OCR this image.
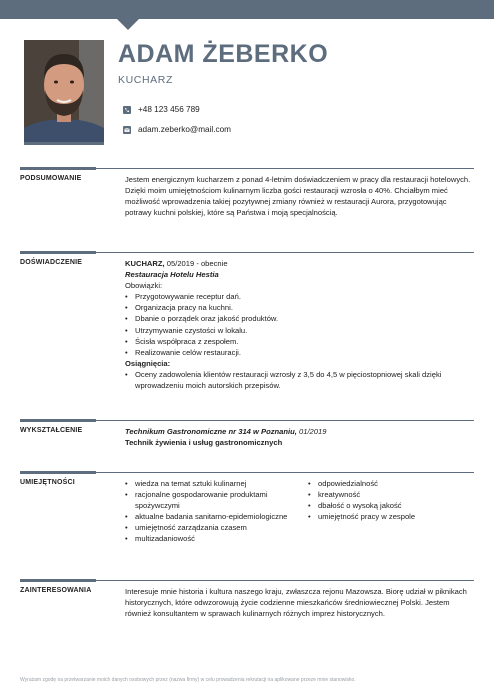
ADAM ŻEBERKO
KUCHARZ
+48 123 456 789
adam.zeberko@mail.com
PODSUMOWANIE	Jestem energicznym kucharzem z ponad 4-letnim doświadczeniem w pracy dla restauracji hotelowych. Dzięki moim umiejętnościom kulinarnym liczba gości restauracji wzrosła o 40%. Chciałbym mieć możliwość wprowadzenia takiej pozytywnej zmiany również w restauracji Aurora, przygotowując potrawy kuchni polskiej, które są Państwa i moją specjalnością.

DOŚWIADCZENIE	KUCHARZ, 05/2019 - obecnie

Restauracja Hotelu Hestia

Obowiązki:

• Przygotowywanie receptur dań.
• Organizacja pracy na kuchni.
• Dbanie o porządek oraz jakość produktów.
• Utrzymywanie czystości w lokalu.
• Ścisła współpraca z zespołem.
• Realizowanie celów restauracji.

Osiągnięcia:

• Oceny zadowolenia klientów restauracji wzrosły z 3,5 do 4,5 w pięciostopniowej skali dzięki wprowadzeniu moich autorskich przepisów.
WYKSZTAŁCENIE	Technikum Gastronomiczne nr 314 w Poznaniu, 01/2019

Technik żywienia i usług gastronomicznych

UMIEJĘTNOŚCI
•	wiedza na temat sztuki kulinarnej
• racjonalne gospodarowanie produktami spożywczymi
• aktualne badania sanitarno-epidemiologiczne
• umiejętność zarządzania czasem
• multizadaniowość
• odpowiedzialność
• kreatywność
• dbałość o wysoką jakość
• umiejętność pracy w zespole
ZAINTERESOWANIA	Interesuje mnie historia i kultura naszego kraju, zwłaszcza rejonu Mazowsza. Biorę udział w piknikach historycznych, które odwzorowują życie codzienne mieszkańców średniowiecznej Polski. Jestem również konsultantem w sprawach kulinarnych różnych imprez historycznych.

Wyrażam zgodę na przetwarzanie moich danych osobowych przez (nazwa firmy) w celu prowadzenia rekrutacji na aplikowane przeze mnie stanowisko.
